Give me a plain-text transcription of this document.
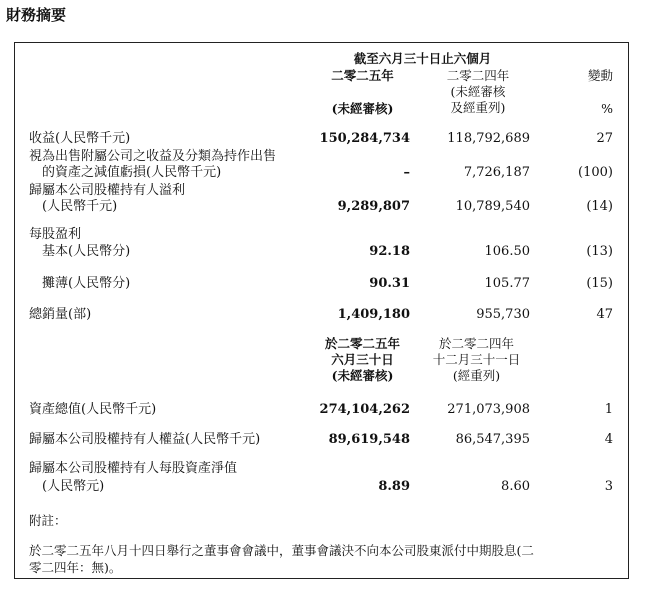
財務摘要
截至六月三十日止六個月
二零二五年
(未經審核)
二零二四年
(未經審核
及經重列)
變動
%
收益(人民幣千元)	150,284,734	118,792,689	27
視為出售附屬公司之收益及分類為持作出售
　的資產之減值虧損(人民幣千元)	–	7,726,187	(100)
歸屬本公司股權持有人溢利
　(人民幣千元)	9,289,807	10,789,540	(14)
每股盈利
　基本(人民幣分)	92.18	106.50	(13)
　攤薄(人民幣分)	90.31	105.77	(15)
總銷量(部)	1,409,180	955,730	47
於二零二五年
六月三十日
(未經審核)
於二零二四年
十二月三十一日
(經重列)
資產總值(人民幣千元)	274,104,262	271,073,908	1
歸屬本公司股權持有人權益(人民幣千元)	89,619,548	86,547,395	4
歸屬本公司股權持有人每股資產淨值
　(人民幣元)	8.89	8.60	3
附註：
於二零二五年八月十四日舉行之董事會會議中，董事會議決不向本公司股東派付中期股息(二
零二四年：無)。
